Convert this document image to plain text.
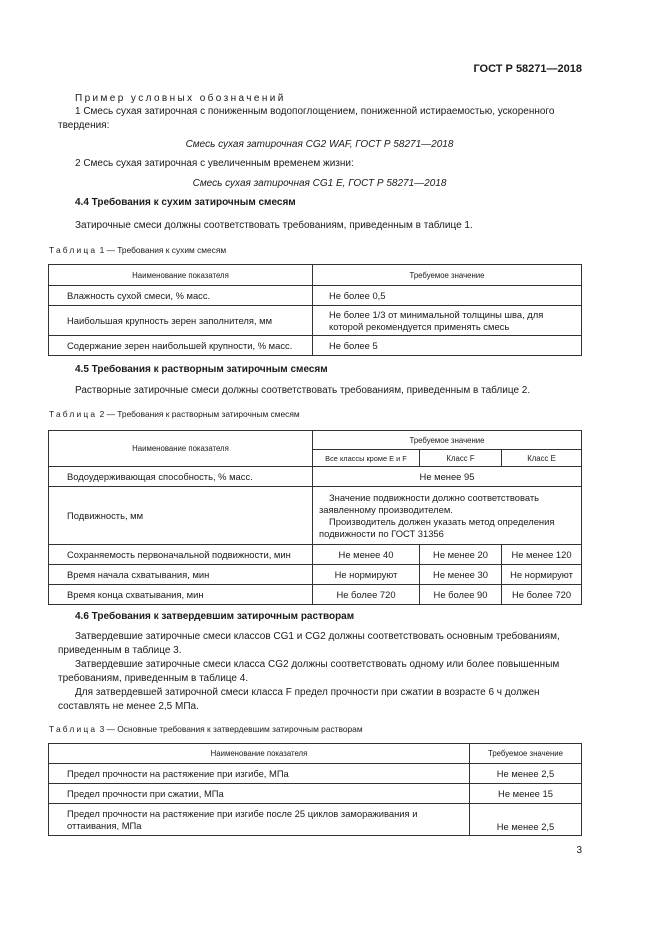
ГОСТ Р 58271—2018
Пример условных обозначений
1 Смесь сухая затирочная с пониженным водопоглощением, пониженной истираемостью, ускоренного твердения:
Смесь сухая затирочная CG2 WAF, ГОСТ Р 58271—2018
2 Смесь сухая затирочная с увеличенным временем жизни:
Смесь сухая затирочная CG1 E, ГОСТ Р 58271—2018
4.4 Требования к сухим затирочным смесям
Затирочные смеси должны соответствовать требованиям, приведенным в таблице 1.
Таблица 1 — Требования к сухим смесям
Наименование показателя	Требуемое значение
Влажность сухой смеси, % масс.	Не более 0,5
Наибольшая крупность зерен заполнителя, мм	Не более 1/3 от минимальной толщины шва, для которой рекомендуется применять смесь
Содержание зерен наибольшей крупности, % масс.	Не более 5
4.5 Требования к растворным затирочным смесям
Растворные затирочные смеси должны соответствовать требованиям, приведенным в таблице 2.
Таблица 2 — Требования к растворным затирочным смесям
Наименование показателя	Требуемое значение		
	Все классы кроме E и F	Класс F	Класс E
Водоудерживающая способность, % масс.	Не менее 95		
Подвижность, мм	Значение подвижности должно соответствовать заявленному производителем.
Производитель должен указать метод определения подвижности по ГОСТ 31356		

Сохраняемость первоначальной подвижности, мин	Не менее 40	Не менее 20	Не менее 120
Время начала схватывания, мин	Не нормируют	Не менее 30	Не нормируют
Время конца схватывания, мин	Не более 720	Не более 90	Не более 720
4.6 Требования к затвердевшим затирочным растворам
Затвердевшие затирочные смеси классов CG1 и CG2 должны соответствовать основным требованиям, приведенным в таблице 3.
Затвердевшие затирочные смеси класса CG2 должны соответствовать одному или более повышенным требованиям, приведенным в таблице 4.
Для затвердевшей затирочной смеси класса F предел прочности при сжатии в возрасте 6 ч должен составлять не менее 2,5 МПа.
Таблица 3 — Основные требования к затвердевшим затирочным растворам
Наименование показателя	Требуемое значение
Предел прочности на растяжение при изгибе, МПа	Не менее 2,5
Предел прочности при сжатии, МПа	Не менее 15
Предел прочности на растяжение при изгибе после 25 циклов замораживания и оттаивания, МПа	Не менее 2,5
3
